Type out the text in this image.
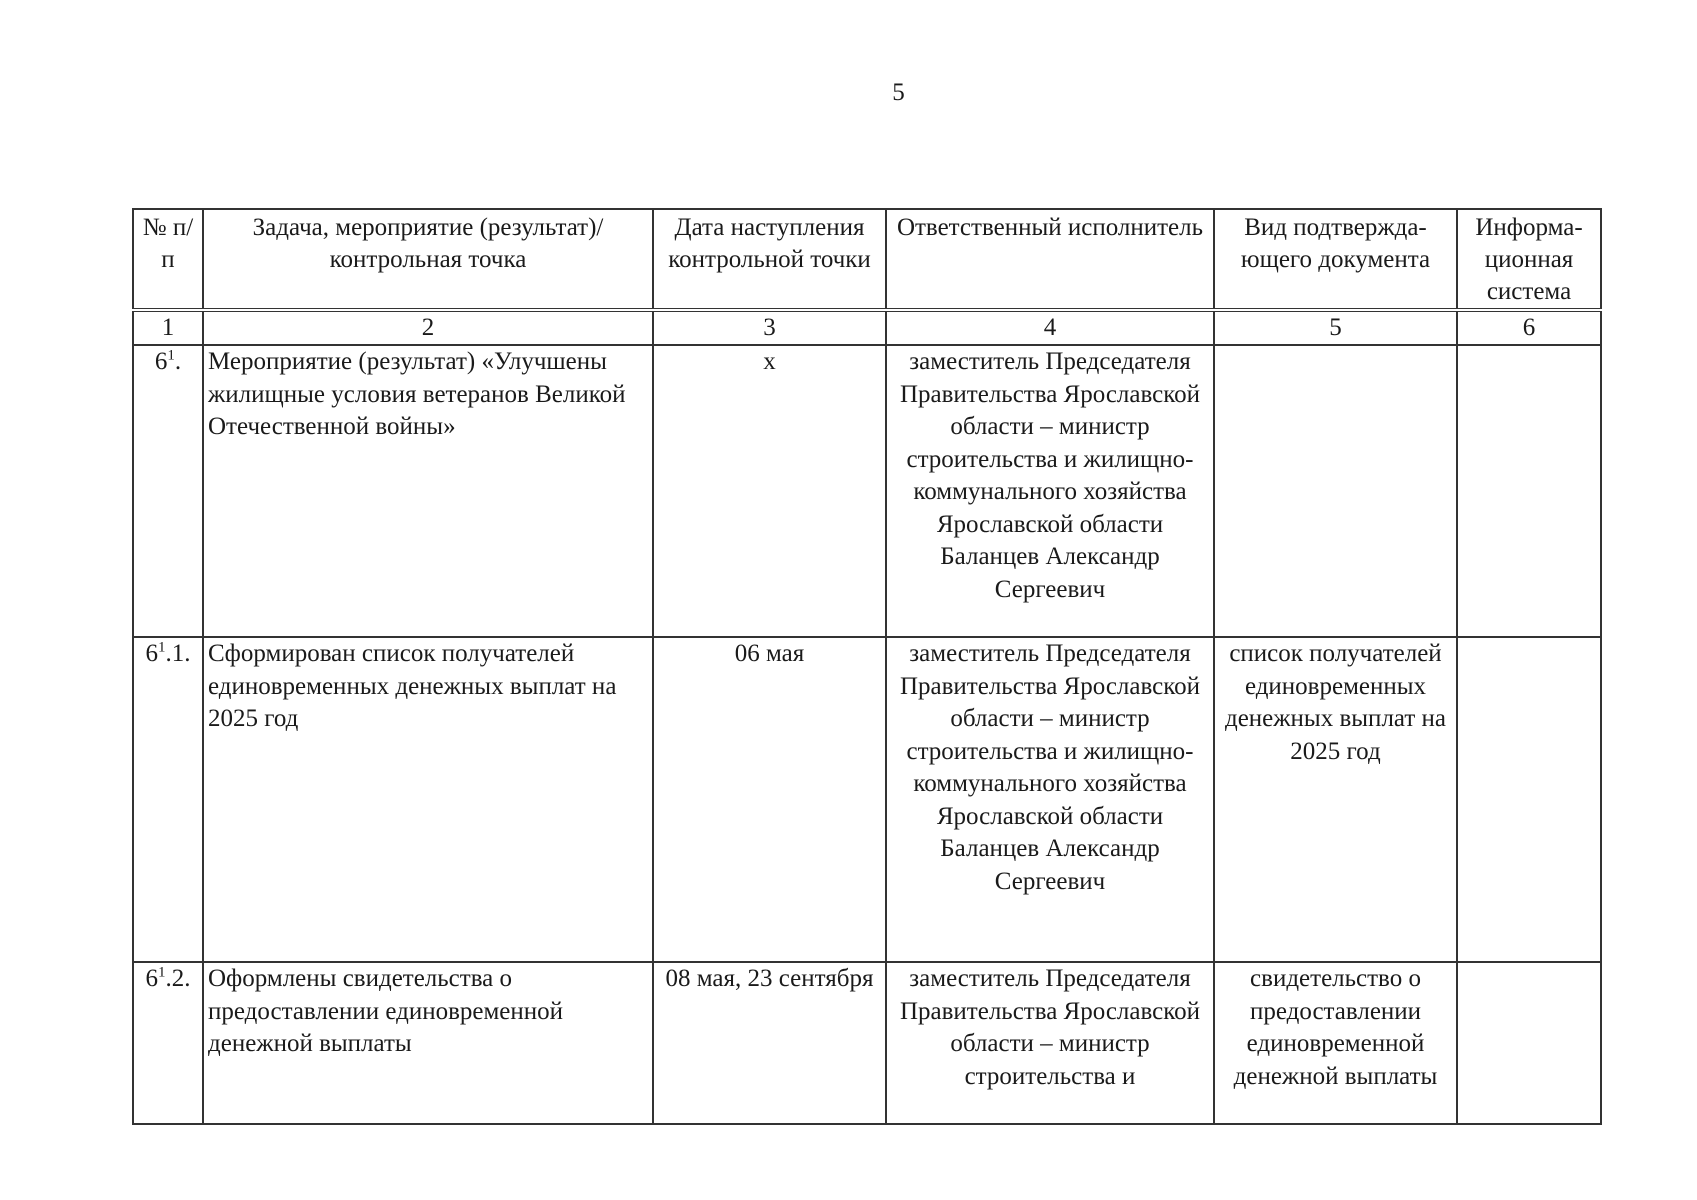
5
№ п/п	Задача, мероприятие (результат)/ контрольная точка	Дата наступления контрольной точки	Ответственный исполнитель	Вид подтвержда-ющего документа	Информа-ционная система
1	2	3	4	5	6
$6^1$.	Мероприятие (результат) «Улучшены жилищные условия ветеранов Великой Отечественной войны»	х	заместитель Председателя Правительства Ярославской области – министр строительства и жилищно-коммунального хозяйства Ярославской области Баланцев Александр Сергеевич		
$6^1.1$.	Сформирован список получателей единовременных денежных выплат на 2025 год	06 мая	заместитель Председателя Правительства Ярославской области – министр строительства и жилищно-коммунального хозяйства Ярославской области Баланцев Александр Сергеевич	список получателей единовременных денежных выплат на 2025 год	
$6^1.2$.	Оформлены свидетельства о предоставлении единовременной денежной выплаты	08 мая, 23 сентября	заместитель Председателя Правительства Ярославской области – министр строительства и	свидетельство о предоставлении единовременной денежной выплаты	
